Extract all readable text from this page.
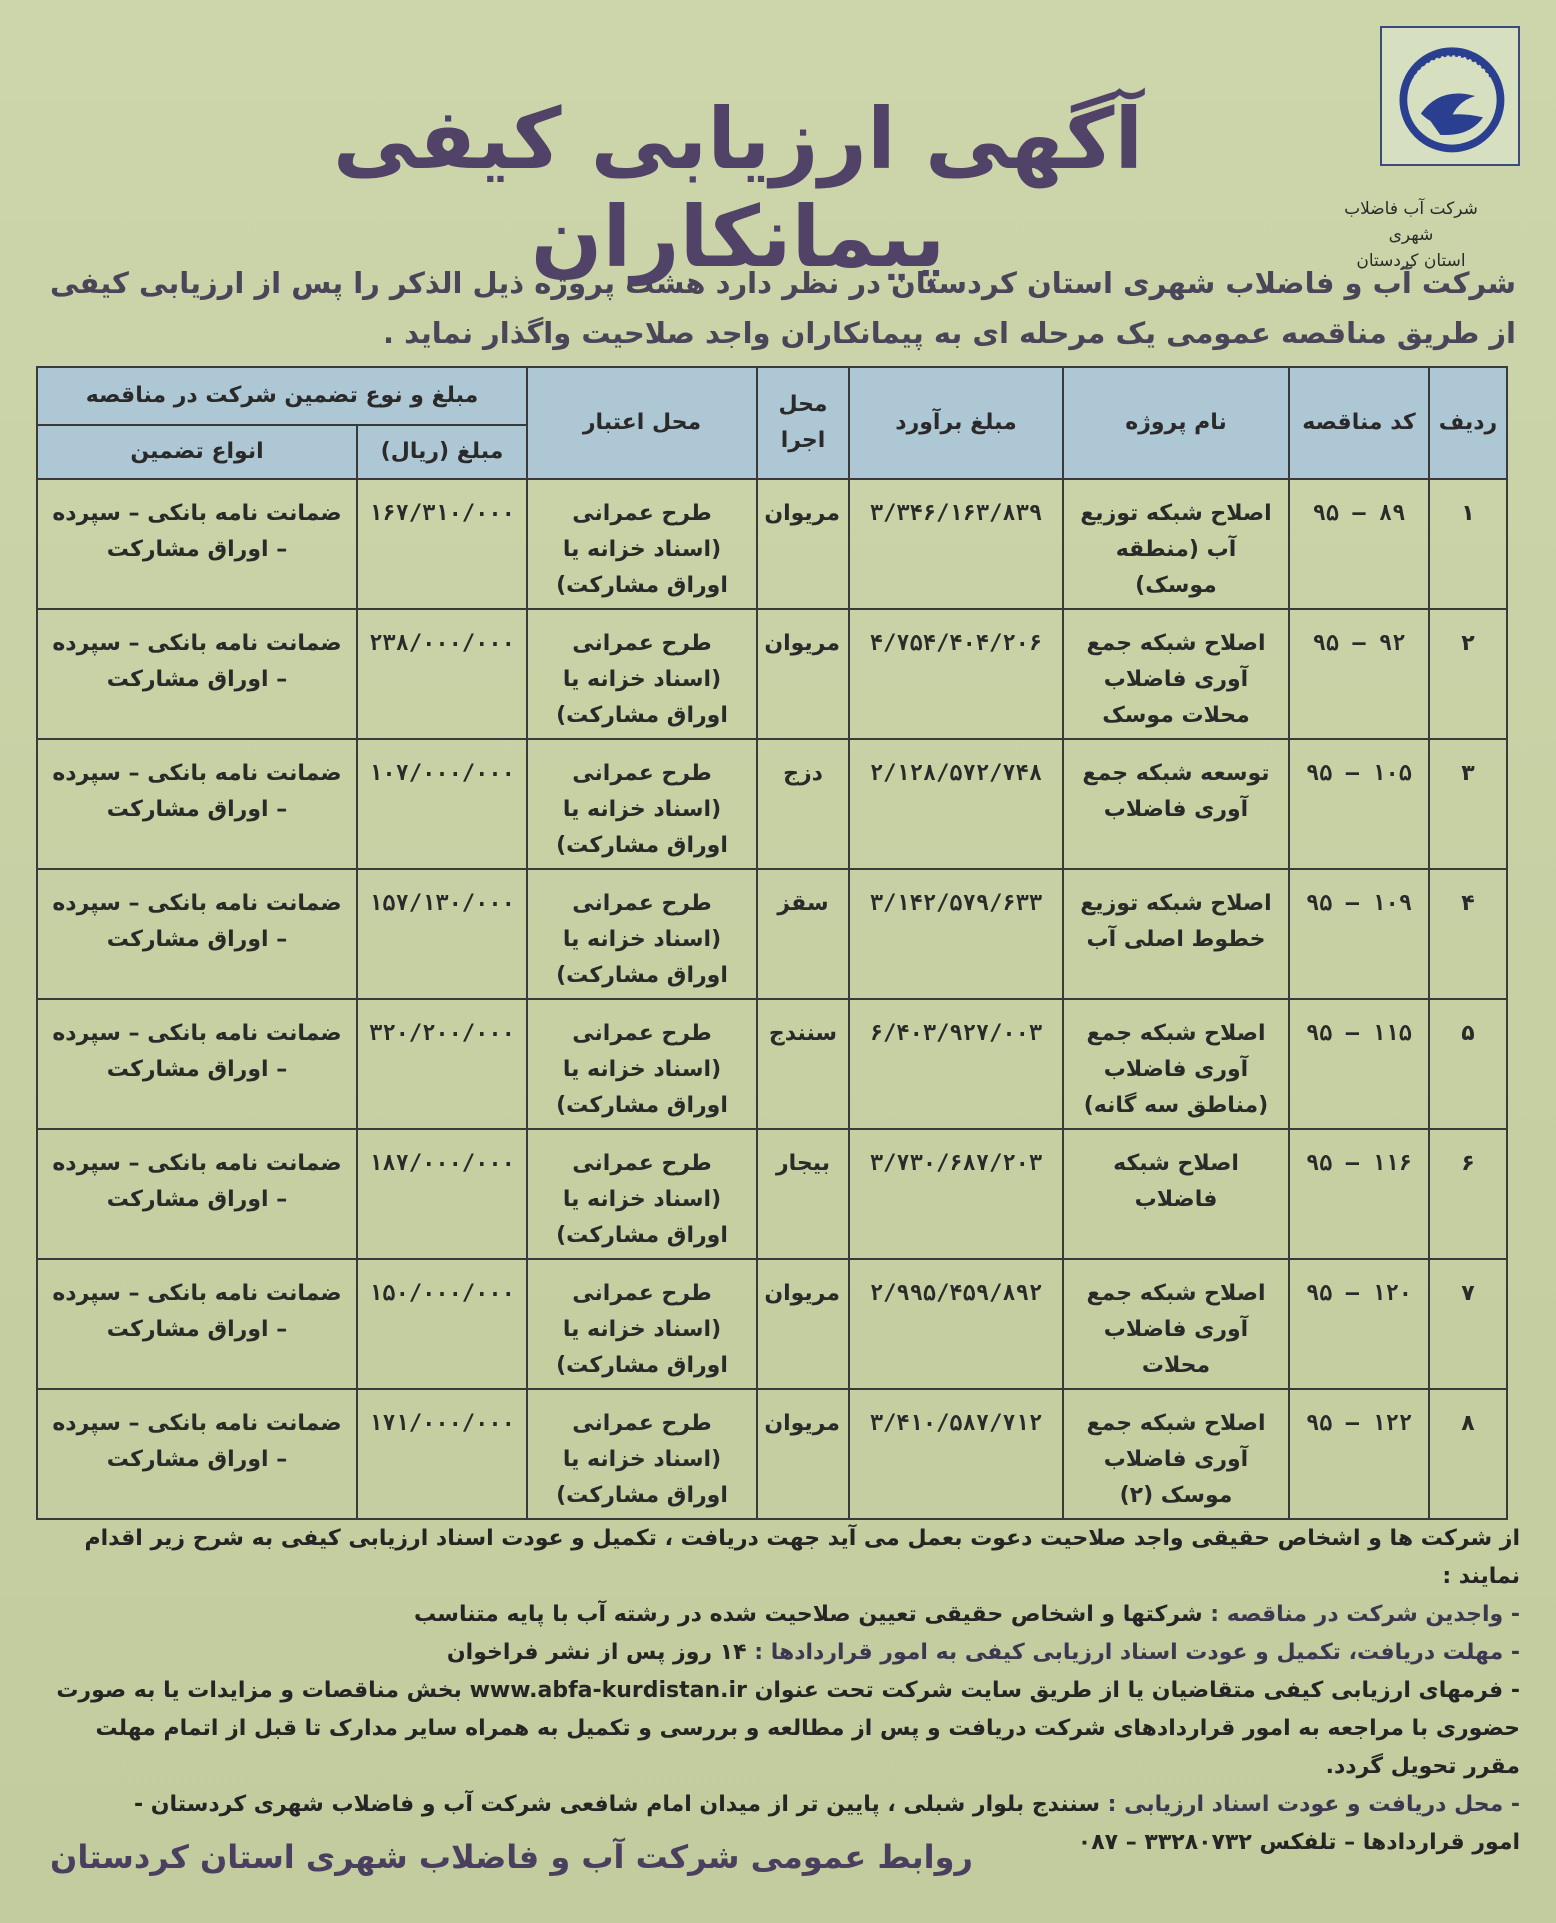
شرکت آب فاضلاب شهری
استان کردستان
آگهی ارزیابی کیفی پیمانکاران
شرکت آب و فاضلاب شهری استان کردستان در نظر دارد هشت پروژه ذیل الذکر را پس از ارزیابی کیفی از طریق مناقصه عمومی یک مرحله ای به پیمانکاران واجد صلاحیت واگذار نماید .
ردیف	کد مناقصه	نام پروژه	مبلغ برآورد	محل اجرا	محل اعتبار	مبلغ و نوع تضمین شرکت در مناقصه	
						مبلغ (ریال)	انواع تضمین
۱	۸۹ – ۹۵	اصلاح شبکه توزیع آب (منطقه موسک)	۳/۳۴۶/۱۶۳/۸۳۹	مریوان	طرح عمرانی (اسناد خزانه یا اوراق مشارکت)	۱۶۷/۳۱۰/۰۰۰	ضمانت نامه بانکی – سپرده – اوراق مشارکت
۲	۹۲ – ۹۵	اصلاح شبکه جمع آوری فاضلاب محلات موسک	۴/۷۵۴/۴۰۴/۲۰۶	مریوان	طرح عمرانی (اسناد خزانه یا اوراق مشارکت)	۲۳۸/۰۰۰/۰۰۰	ضمانت نامه بانکی – سپرده – اوراق مشارکت
۳	۱۰۵ – ۹۵	توسعه شبکه جمع آوری فاضلاب	۲/۱۲۸/۵۷۲/۷۴۸	دزج	طرح عمرانی (اسناد خزانه یا اوراق مشارکت)	۱۰۷/۰۰۰/۰۰۰	ضمانت نامه بانکی – سپرده – اوراق مشارکت
۴	۱۰۹ – ۹۵	اصلاح شبکه توزیع خطوط اصلی آب	۳/۱۴۲/۵۷۹/۶۳۳	سقز	طرح عمرانی (اسناد خزانه یا اوراق مشارکت)	۱۵۷/۱۳۰/۰۰۰	ضمانت نامه بانکی – سپرده – اوراق مشارکت
۵	۱۱۵ – ۹۵	اصلاح شبکه جمع آوری فاضلاب (مناطق سه گانه)	۶/۴۰۳/۹۲۷/۰۰۳	سنندج	طرح عمرانی (اسناد خزانه یا اوراق مشارکت)	۳۲۰/۲۰۰/۰۰۰	ضمانت نامه بانکی – سپرده – اوراق مشارکت
۶	۱۱۶ – ۹۵	اصلاح شبکه فاضلاب	۳/۷۳۰/۶۸۷/۲۰۳	بیجار	طرح عمرانی (اسناد خزانه یا اوراق مشارکت)	۱۸۷/۰۰۰/۰۰۰	ضمانت نامه بانکی – سپرده – اوراق مشارکت
۷	۱۲۰ – ۹۵	اصلاح شبکه جمع آوری فاضلاب محلات	۲/۹۹۵/۴۵۹/۸۹۲	مریوان	طرح عمرانی (اسناد خزانه یا اوراق مشارکت)	۱۵۰/۰۰۰/۰۰۰	ضمانت نامه بانکی – سپرده – اوراق مشارکت
۸	۱۲۲ – ۹۵	اصلاح شبکه جمع آوری فاضلاب موسک (۲)	۳/۴۱۰/۵۸۷/۷۱۲	مریوان	طرح عمرانی (اسناد خزانه یا اوراق مشارکت)	۱۷۱/۰۰۰/۰۰۰	ضمانت نامه بانکی – سپرده – اوراق مشارکت

از شرکت ها و اشخاص حقیقی واجد صلاحیت دعوت بعمل می آید جهت دریافت ، تکمیل و عودت اسناد ارزیابی کیفی به شرح زیر اقدام نمایند :

- واجدین شرکت در مناقصه : شرکتها و اشخاص حقیقی تعیین صلاحیت شده در رشته آب با پایه متناسب

- مهلت دریافت، تکمیل و عودت اسناد ارزیابی کیفی به امور قراردادها : ۱۴ روز پس از نشر فراخوان

- فرمهای ارزیابی کیفی متقاضیان یا از طریق سایت شرکت تحت عنوان www.abfa-kurdistan.ir بخش مناقصات و مزایدات یا به صورت حضوری با مراجعه به امور قراردادهای شرکت دریافت و پس از مطالعه و بررسی و تکمیل به همراه سایر مدارک تا قبل از اتمام مهلت مقرر تحویل گردد.

- محل دریافت و عودت اسناد ارزیابی : سنندج بلوار شبلی ، پایین تر از میدان امام شافعی شرکت آب و فاضلاب شهری کردستان -

امور قراردادها – تلفکس ۳۳۲۸۰۷۳۲ – ۰۸۷

روابط عمومی شرکت آب و فاضلاب شهری استان کردستان
